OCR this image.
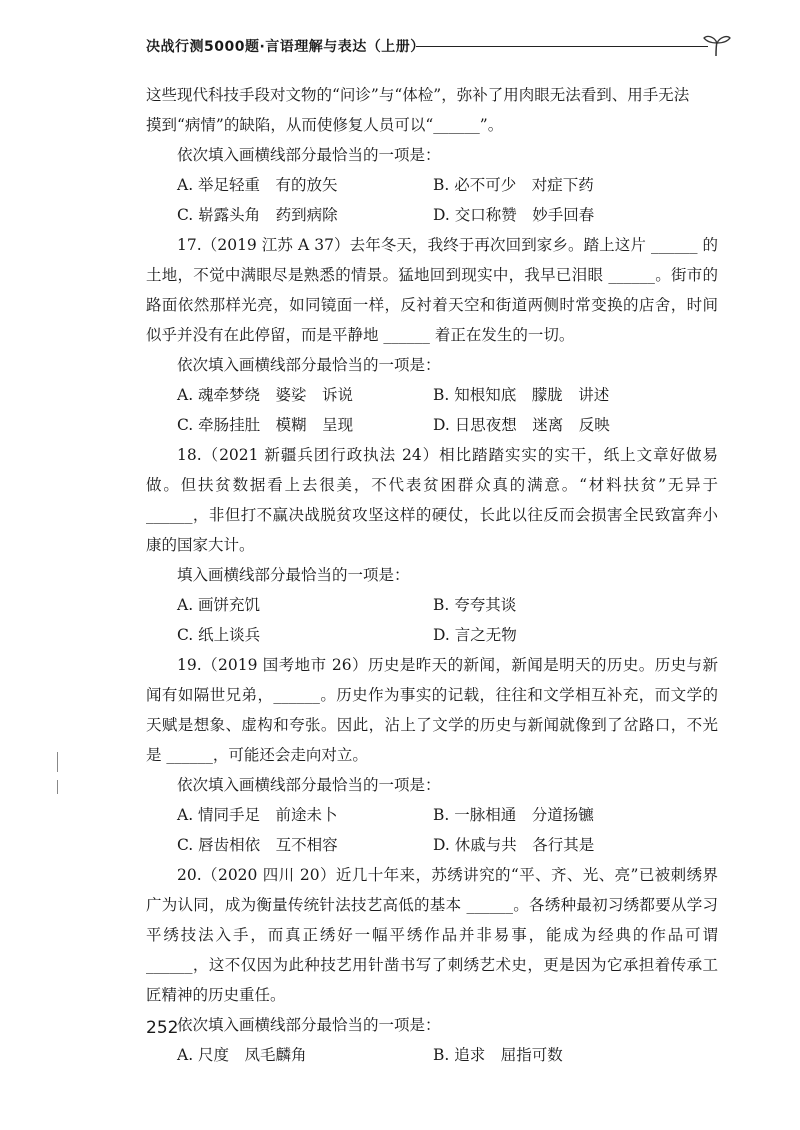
决战行测5000题·言语理解与表达（上册）

这些现代科技手段对文物的“问诊”与“体检”，弥补了用肉眼无法看到、用手无法

摸到“病情”的缺陷，从而使修复人员可以“______”。

依次填入画横线部分最恰当的一项是：

A. 举足轻重　有的放矢	B. 必不可少　对症下药
C. 崭露头角　药到病除	D. 交口称赞　妙手回春

17.（2019 江苏 A 37）去年冬天，我终于再次回到家乡。踏上这片 ______ 的土地，不觉中满眼尽是熟悉的情景。猛地回到现实中，我早已泪眼 ______。街市的路面依然那样光亮，如同镜面一样，反衬着天空和街道两侧时常变换的店舍，时间似乎并没有在此停留，而是平静地 ______ 着正在发生的一切。

依次填入画横线部分最恰当的一项是：

A. 魂牵梦绕　婆娑　诉说	B. 知根知底　朦胧　讲述
C. 牵肠挂肚　模糊　呈现	D. 日思夜想　迷离　反映

18.（2021 新疆兵团行政执法 24）相比踏踏实实的实干，纸上文章好做易做。但扶贫数据看上去很美，不代表贫困群众真的满意。“材料扶贫”无异于 ______，非但打不赢决战脱贫攻坚这样的硬仗，长此以往反而会损害全民致富奔小康的国家大计。

填入画横线部分最恰当的一项是：

A. 画饼充饥	B. 夸夸其谈
C. 纸上谈兵	D. 言之无物

19.（2019 国考地市 26）历史是昨天的新闻，新闻是明天的历史。历史与新闻有如隔世兄弟，______。历史作为事实的记载，往往和文学相互补充，而文学的天赋是想象、虚构和夸张。因此，沾上了文学的历史与新闻就像到了岔路口，不光是 ______，可能还会走向对立。

依次填入画横线部分最恰当的一项是：

A. 情同手足　前途未卜	B. 一脉相通　分道扬镳
C. 唇齿相依　互不相容	D. 休戚与共　各行其是

20.（2020 四川 20）近几十年来，苏绣讲究的“平、齐、光、亮”已被刺绣界广为认同，成为衡量传统针法技艺高低的基本 ______。各绣种最初习绣都要从学习平绣技法入手，而真正绣好一幅平绣作品并非易事，能成为经典的作品可谓 ______，这不仅因为此种技艺用针凿书写了刺绣艺术史，更是因为它承担着传承工匠精神的历史重任。

依次填入画横线部分最恰当的一项是：

A. 尺度　凤毛麟角	B. 追求　屈指可数
252
